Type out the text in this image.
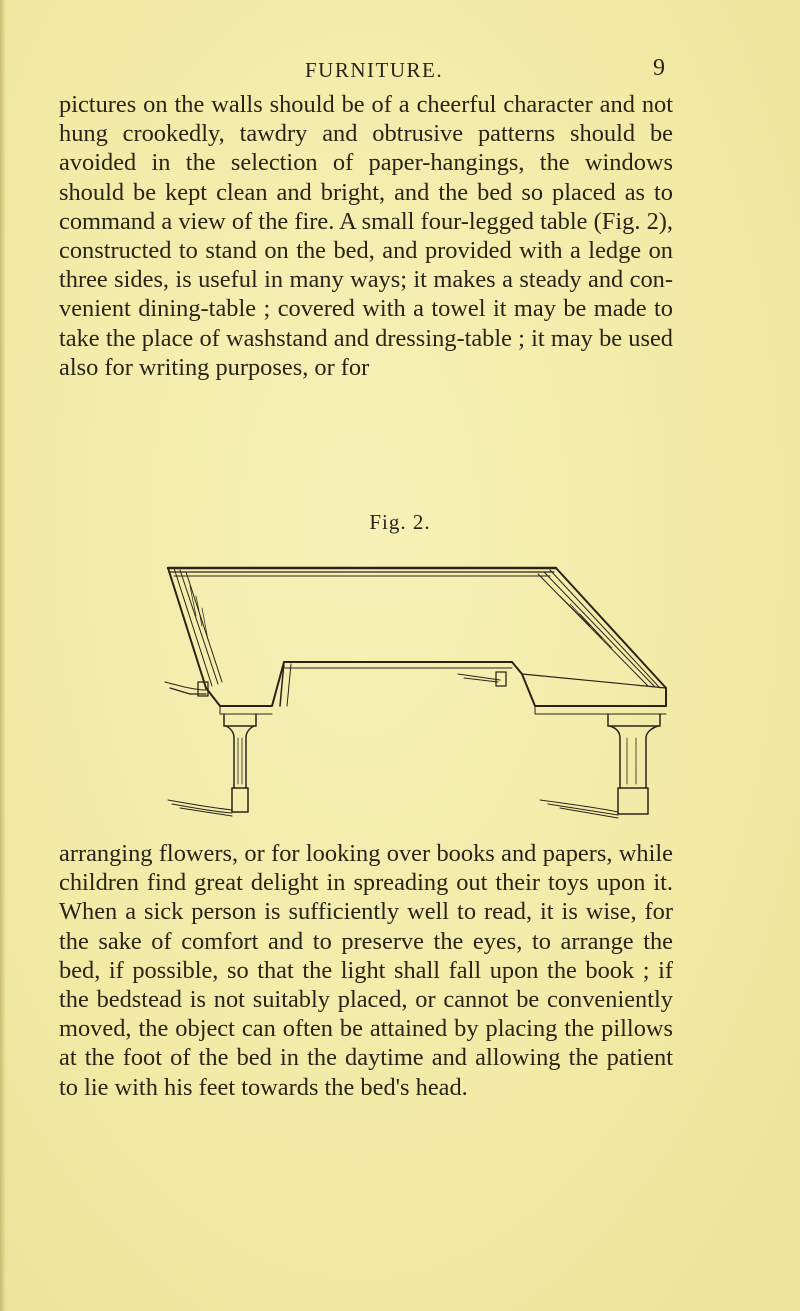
FURNITURE.	9

pictures on the walls should be of a cheerful character and not hung crookedly, tawdry and obtrusive patterns should be avoided in the selection of paper-hangings, the windows should be kept clean and bright, and the bed so placed as to command a view of the fire. A small four-legged table (Fig. 2), constructed to stand on the bed, and provided with a ledge on three sides, is useful in many ways; it makes a steady and con-venient dining-table ; covered with a towel it may be made to take the place of washstand and dressing-table ; it may be used also for writing purposes, or for

Fig. 2.

arranging flowers, or for looking over books and papers, while children find great delight in spreading out their toys upon it. When a sick person is sufficiently well to read, it is wise, for the sake of comfort and to preserve the eyes, to arrange the bed, if possible, so that the light shall fall upon the book ; if the bedstead is not suitably placed, or cannot be conveniently moved, the object can often be attained by placing the pillows at the foot of the bed in the daytime and allowing the patient to lie with his feet towards the bed's head.
